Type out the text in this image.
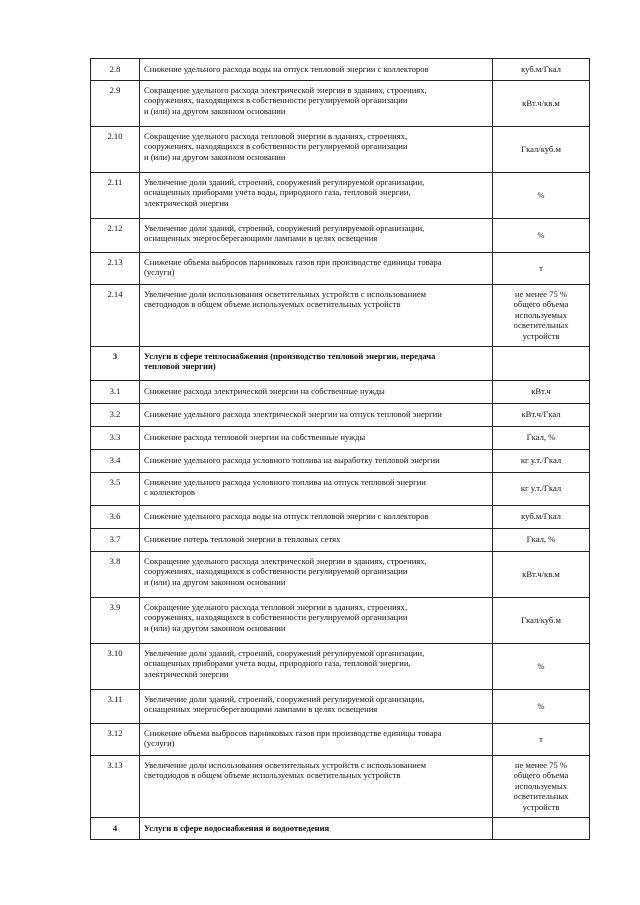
2.8	Снижение удельного расхода воды на отпуск тепловой энергии с коллекторов	куб.м/Гкал
2.9	Сокращение удельного расхода электрической энергии в зданиях, строениях,
сооружениях, находящихся в собственности регулируемой организации
и (или) на другом законном основании	кВт.ч/кв.м
2.10	Сокращение удельного расхода тепловой энергии в зданиях, строениях,
сооружениях, находящихся в собственности регулируемой организации
и (или) на другом законном основании	Гкал/куб.м
2.11	Увеличение доли зданий, строений, сооружений регулируемой организации,
оснащенных приборами учета воды, природного газа, тепловой энергии,
электрической энергии	%
2.12	Увеличение доли зданий, строений, сооружений регулируемой организации,
оснащенных энергосберегающими лампами в целях освещения	%
2.13	Снижение объема выбросов парниковых газов при производстве единицы товара
(услуги)	т
2.14	Увеличение доли использования осветительных устройств с использованием
светодиодов в общем объеме используемых осветительных устройств	не менее 75 %
общего объема
используемых
осветительных
устройств
3	Услуги в сфере теплоснабжения (производство тепловой энергии, передача
тепловой энергии)	
3.1	Снижение расхода электрической энергии на собственные нужды	кВт.ч
3.2	Снижение удельного расхода электрической энергии на отпуск тепловой энергии	кВт.ч/Гкал
3.3	Снижение расхода тепловой энергии на собственные нужды	Гкал, %
3.4	Снижение удельного расхода условного топлива на выработку тепловой энергии	кг у.т./Гкал
3.5	Снижение удельного расхода условного топлива на отпуск тепловой энергии
с коллекторов	кг у.т./Гкал
3.6	Снижение удельного расхода воды на отпуск тепловой энергии с коллекторов	куб.м/Гкал
3.7	Снижение потерь тепловой энергии в тепловых сетях	Гкал, %
3.8	Сокращение удельного расхода электрической энергии в зданиях, строениях,
сооружениях, находящихся в собственности регулируемой организации
и (или) на другом законном основании	кВт.ч/кв.м
3.9	Сокращение удельного расхода тепловой энергии в зданиях, строениях,
сооружениях, находящихся в собственности регулируемой организации
и (или) на другом законном основании	Гкал/куб.м
3.10	Увеличение доли зданий, строений, сооружений регулируемой организации,
оснащенных приборами учета воды, природного газа, тепловой энергии,
электрической энергии	%
3.11	Увеличение доли зданий, строений, сооружений регулируемой организации,
оснащенных энергосберегающими лампами в целях освещения	%
3.12	Снижение объема выбросов парниковых газов при производстве единицы товара
(услуги)	т
3.13	Увеличение доли использования осветительных устройств с использованием
светодиодов в общем объеме используемых осветительных устройств	не менее 75 %
общего объема
используемых
осветительных
устройств
4	Услуги в сфере водоснабжения и водоотведения	
